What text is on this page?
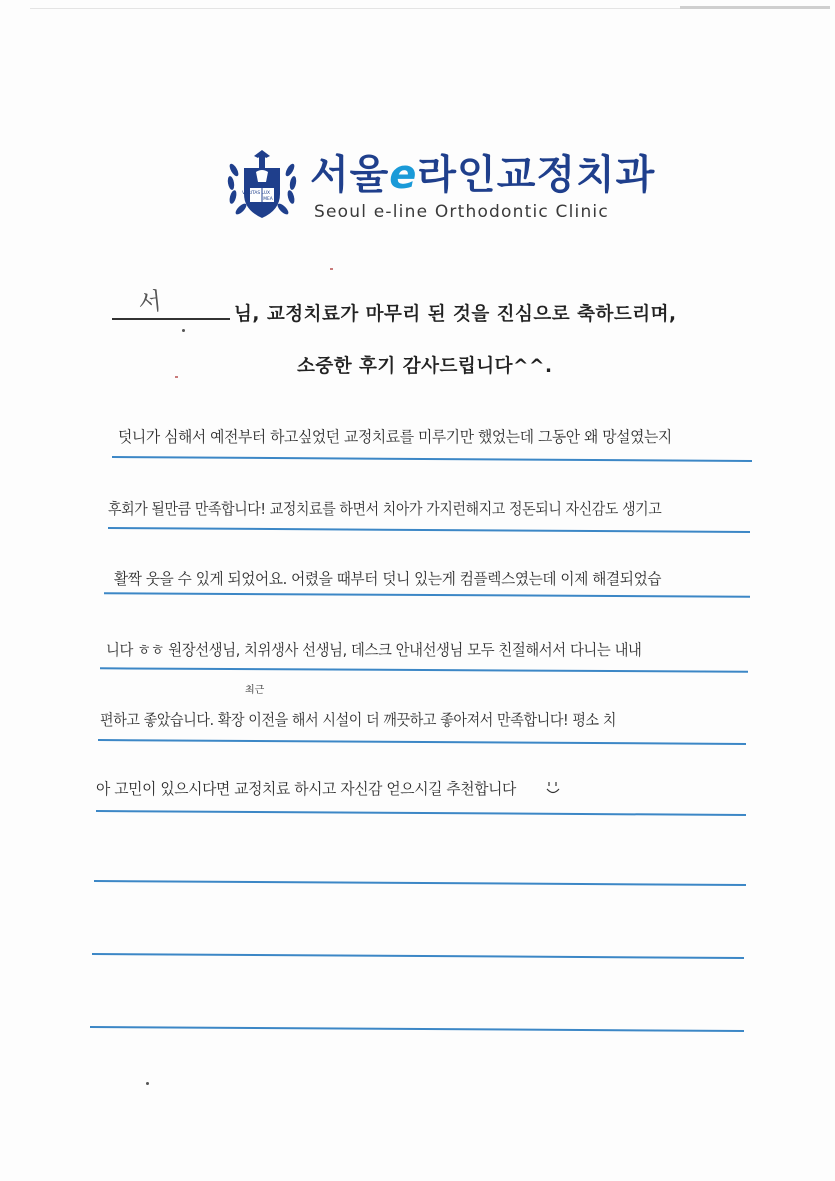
VERITAS LUX
MEA
서울e라인교정치과
Seoul e-line Orthodontic Clinic
서	님, 교정치료가 마무리 된 것을 진심으로 축하드리며,
소중한 후기 감사드립니다^^.
덧니가 심해서 예전부터 하고싶었던 교정치료를 미루기만 했었는데 그동안 왜 망설였는지
후회가 될만큼 만족합니다! 교정치료를 하면서 치아가 가지런해지고 정돈되니 자신감도 생기고
활짝 웃을 수 있게 되었어요. 어렸을 때부터 덧니 있는게 컴플렉스였는데 이제 해결되었습
니다 ㅎㅎ 원장선생님, 치위생사 선생님, 데스크 안내선생님 모두 친절해서서 다니는 내내
최근
편하고 좋았습니다. 확장 이전을 해서 시설이 더 깨끗하고 좋아져서 만족합니다! 평소 치
아 고민이 있으시다면 교정치료 하시고 자신감 얻으시길 추천합니다
